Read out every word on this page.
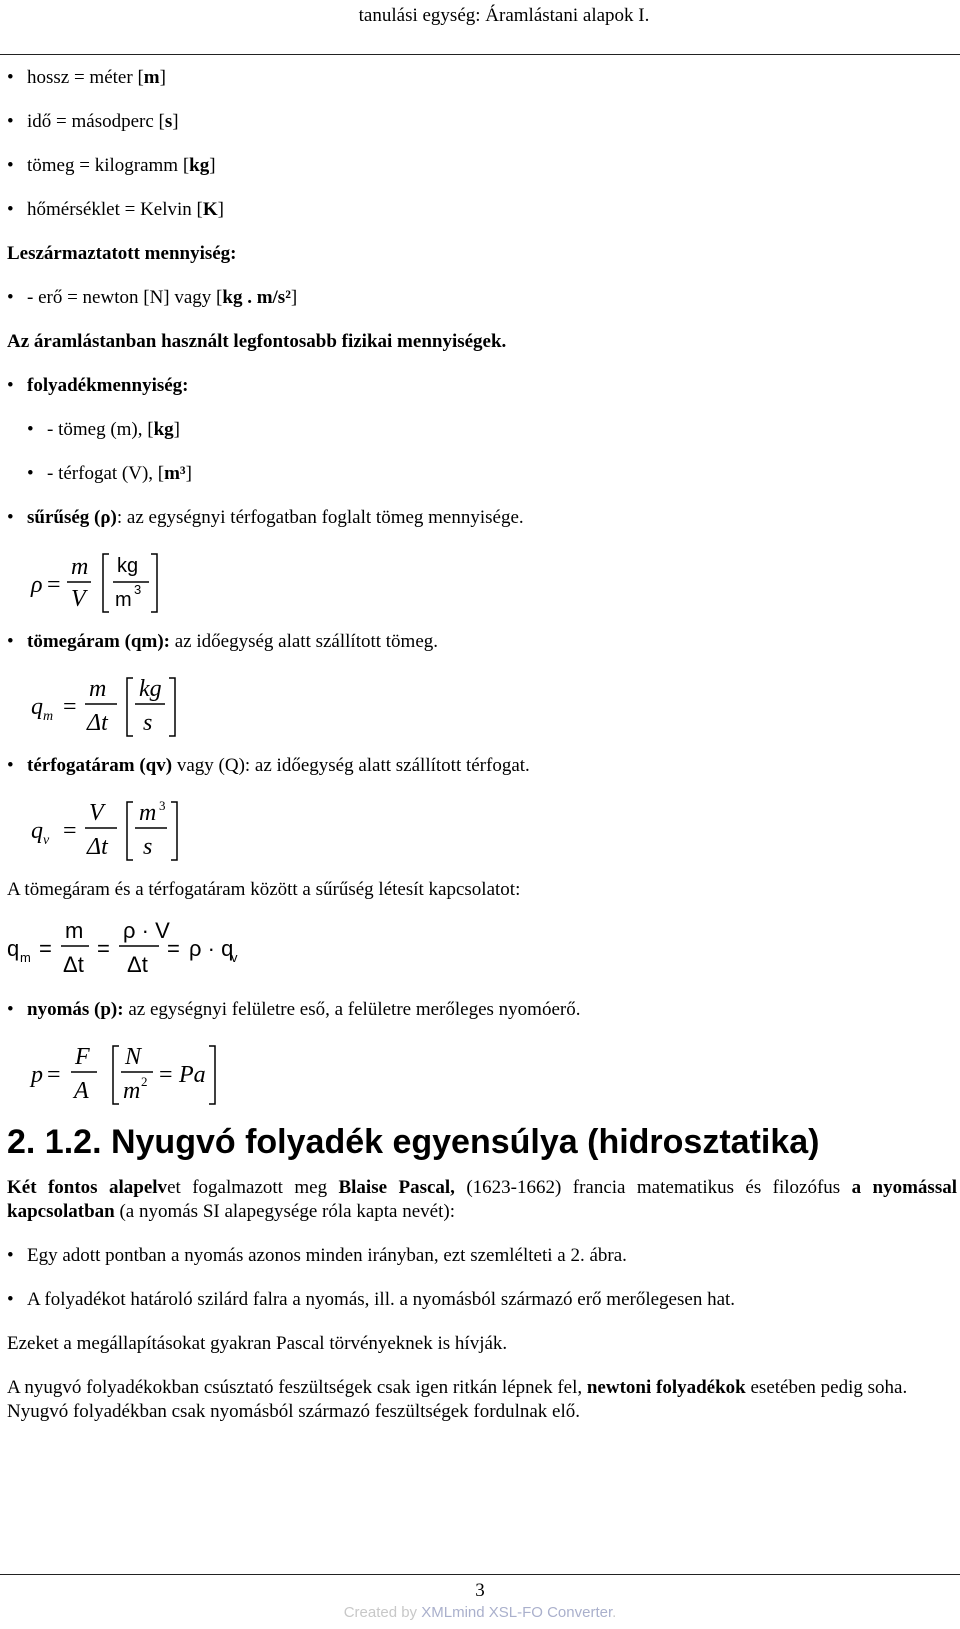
tanulási egység: Áramlástani alapok I.
• hossz = méter [m]
• idő = másodperc [s]
• tömeg = kilogramm [kg]
• hőmérséklet = Kelvin [K]
Leszármaztatott mennyiség:
• - erő = newton [N] vagy [kg . m/s²]
Az áramlástanban használt legfontosabb fizikai mennyiségek.
• folyadékmennyiség:
• - tömeg (m), [kg]
• - térfogat (V), [m³]
• sűrűség (ρ): az egységnyi térfogatban foglalt tömeg mennyisége.
ρ =
m
V
kg
m 3
• tömegáram (qm): az időegység alatt szállított tömeg.
q m =
m
Δt
kg
s
• térfogatáram (qv) vagy (Q): az időegység alatt szállított térfogat.
q v =
V
Δt
m 3
s
A tömegáram és a térfogatáram között a sűrűség létesít kapcsolatot:
q m =
m
Δt
=
ρ · V
Δt
= ρ · q
v
• nyomás (p): az egységnyi felületre eső, a felületre merőleges nyomóerő.
p =
F
A
N
m 2 = Pa
2. 1.2. Nyugvó folyadék egyensúlya (hidrosztatika)
Két fontos alapelvet fogalmazott meg Blaise Pascal, (1623-1662) francia matematikus és filozófus a nyomással kapcsolatban (a nyomás SI alapegysége róla kapta nevét):
• Egy adott pontban a nyomás azonos minden irányban, ezt szemlélteti a 2. ábra.
• A folyadékot határoló szilárd falra a nyomás, ill. a nyomásból származó erő merőlegesen hat.
Ezeket a megállapításokat gyakran Pascal törvényeknek is hívják.
A nyugvó folyadékokban csúsztató feszültségek csak igen ritkán lépnek fel, newtoni folyadékok esetében pedig soha. Nyugvó folyadékban csak nyomásból származó feszültségek fordulnak elő.
3
Created by XMLmind XSL-FO Converter.
